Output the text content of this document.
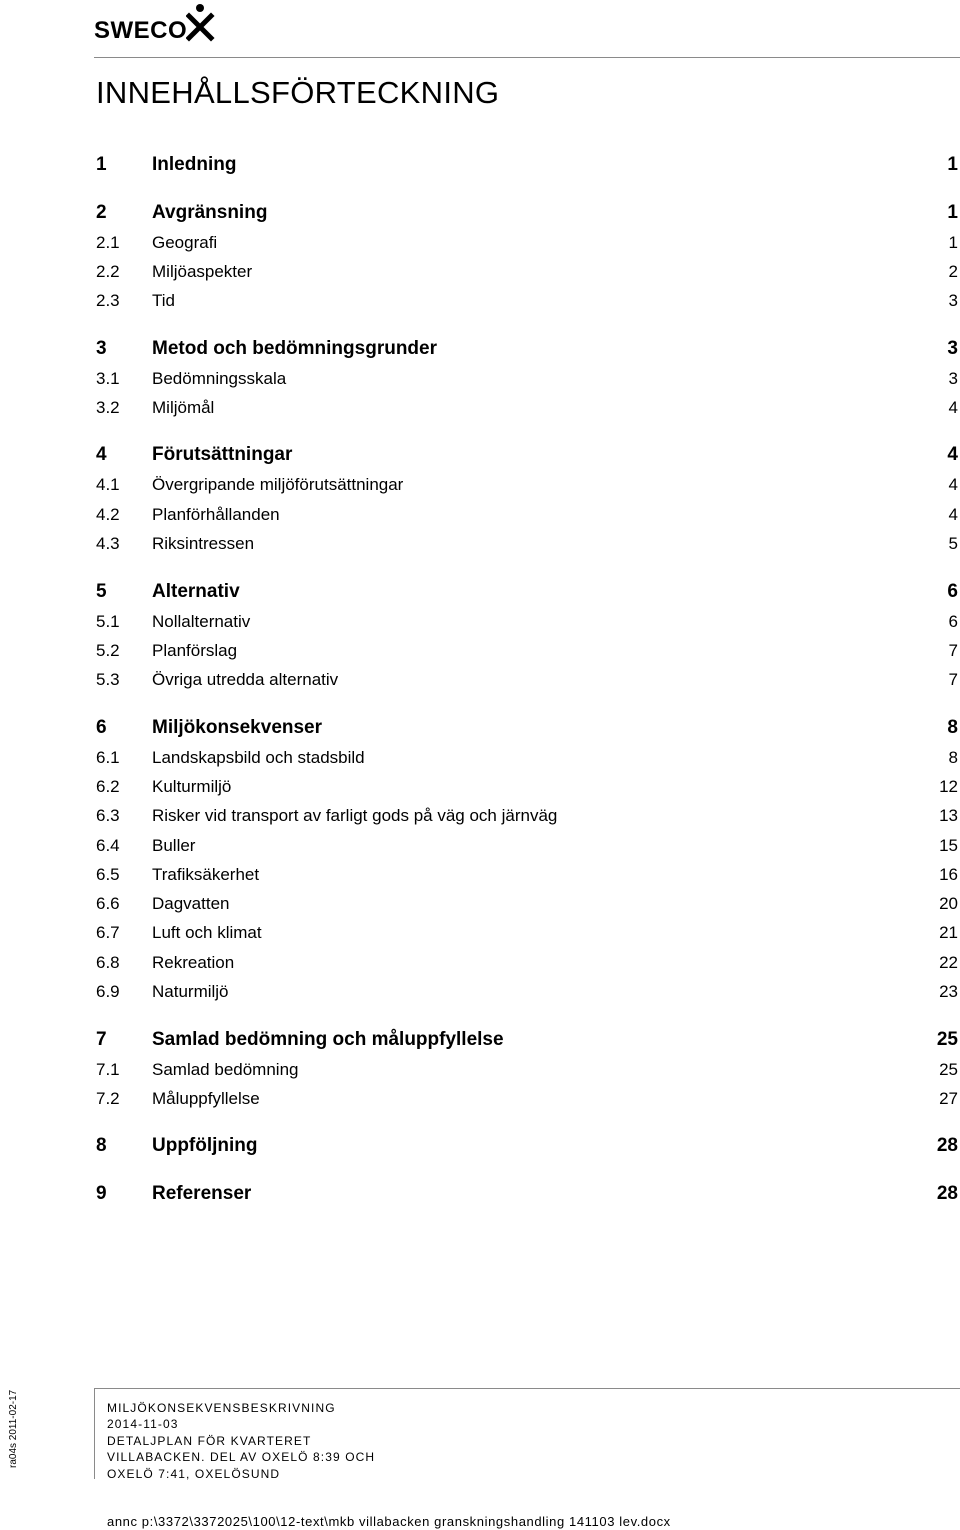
SWECO
INNEHÅLLSFÖRTECKNING
1	Inledning	1
2	Avgränsning	1
2.1	Geografi	1
2.2	Miljöaspekter	2
2.3	Tid	3
3	Metod och bedömningsgrunder	3
3.1	Bedömningsskala	3
3.2	Miljömål	4
4	Förutsättningar	4
4.1	Övergripande miljöförutsättningar	4
4.2	Planförhållanden	4
4.3	Riksintressen	5
5	Alternativ	6
5.1	Nollalternativ	6
5.2	Planförslag	7
5.3	Övriga utredda alternativ	7
6	Miljökonsekvenser	8
6.1	Landskapsbild och stadsbild	8
6.2	Kulturmiljö	12
6.3	Risker vid transport av farligt gods på väg och järnväg	13
6.4	Buller	15
6.5	Trafiksäkerhet	16
6.6	Dagvatten	20
6.7	Luft och klimat	21
6.8	Rekreation	22
6.9	Naturmiljö	23
7	Samlad bedömning och måluppfyllelse	25
7.1	Samlad bedömning	25
7.2	Måluppfyllelse	27
8	Uppföljning	28
9	Referenser	28
ra04s 2011-02-17	MILJÖKONSEKVENSBESKRIVNING
2014-11-03
DETALJPLAN FÖR KVARTERET
VILLABACKEN. DEL AV OXELÖ 8:39 OCH
OXELÖ 7:41, OXELÖSUND
annc p:\3372\3372025\100\12-text\mkb villabacken granskningshandling 141103 lev.docx
